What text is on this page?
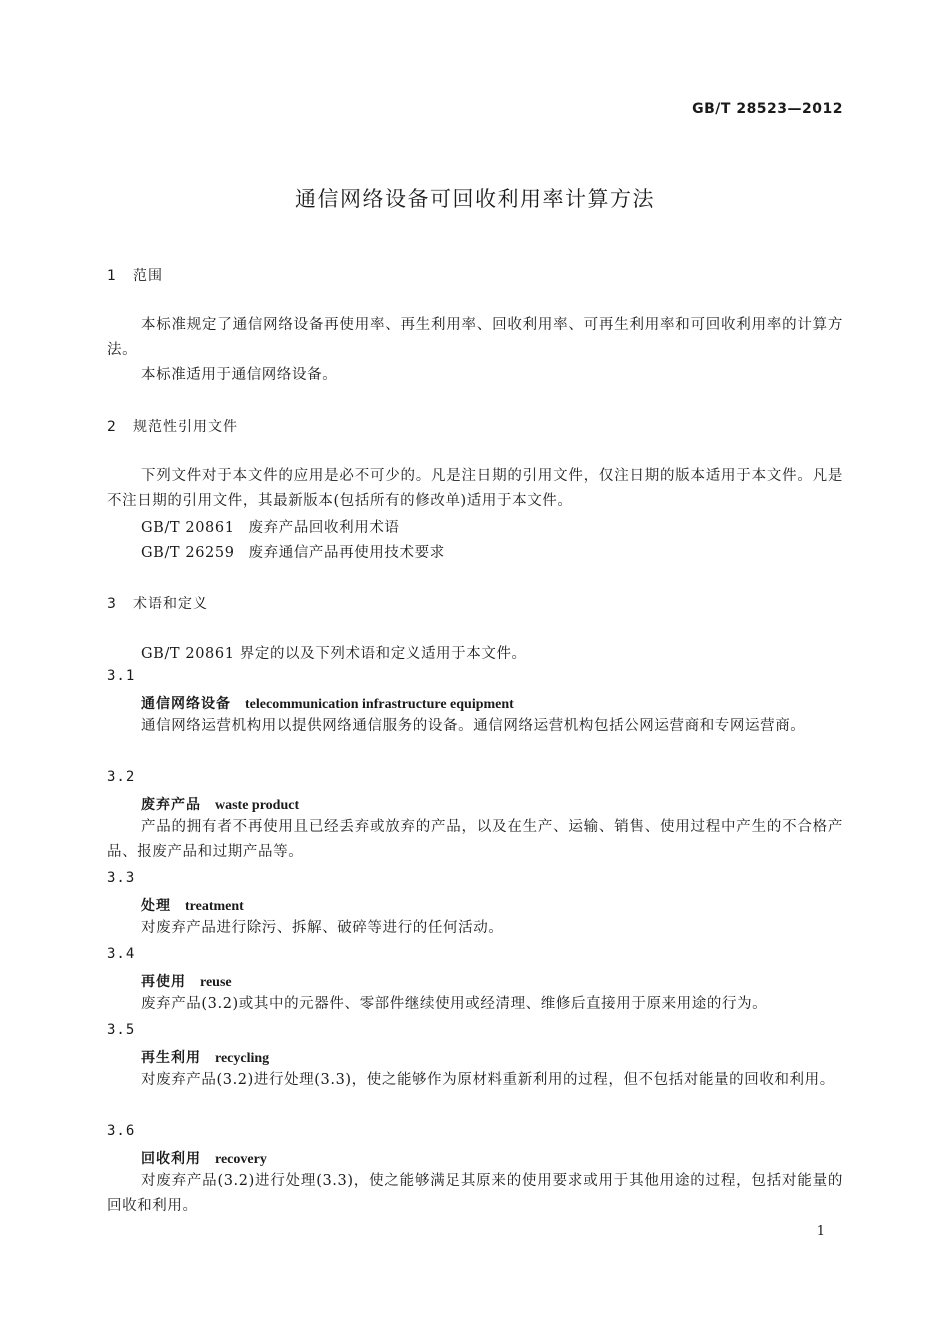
GB/T 28523—2012
通信网络设备可回收利用率计算方法
1 范围

本标准规定了通信网络设备再使用率、再生利用率、回收利用率、可再生利用率和可回收利用率的计算方法。

本标准适用于通信网络设备。

2 规范性引用文件

下列文件对于本文件的应用是必不可少的。凡是注日期的引用文件，仅注日期的版本适用于本文件。凡是不注日期的引用文件，其最新版本(包括所有的修改单)适用于本文件。

GB/T 20861 废弃产品回收利用术语
GB/T 26259 废弃通信产品再使用技术要求
3 术语和定义
GB/T 20861 界定的以及下列术语和定义适用于本文件。
3.1
通信网络设备 telecommunication infrastructure equipment

通信网络运营机构用以提供网络通信服务的设备。通信网络运营机构包括公网运营商和专网运营商。

3.2
废弃产品 waste product

产品的拥有者不再使用且已经丢弃或放弃的产品，以及在生产、运输、销售、使用过程中产生的不合格产品、报废产品和过期产品等。

3.3
处理 treatment

对废弃产品进行除污、拆解、破碎等进行的任何活动。

3.4
再使用 reuse

废弃产品(3.2)或其中的元器件、零部件继续使用或经清理、维修后直接用于原来用途的行为。

3.5
再生利用 recycling

对废弃产品(3.2)进行处理(3.3)，使之能够作为原材料重新利用的过程，但不包括对能量的回收和利用。

3.6
回收利用 recovery

对废弃产品(3.2)进行处理(3.3)，使之能够满足其原来的使用要求或用于其他用途的过程，包括对能量的回收和利用。

1
